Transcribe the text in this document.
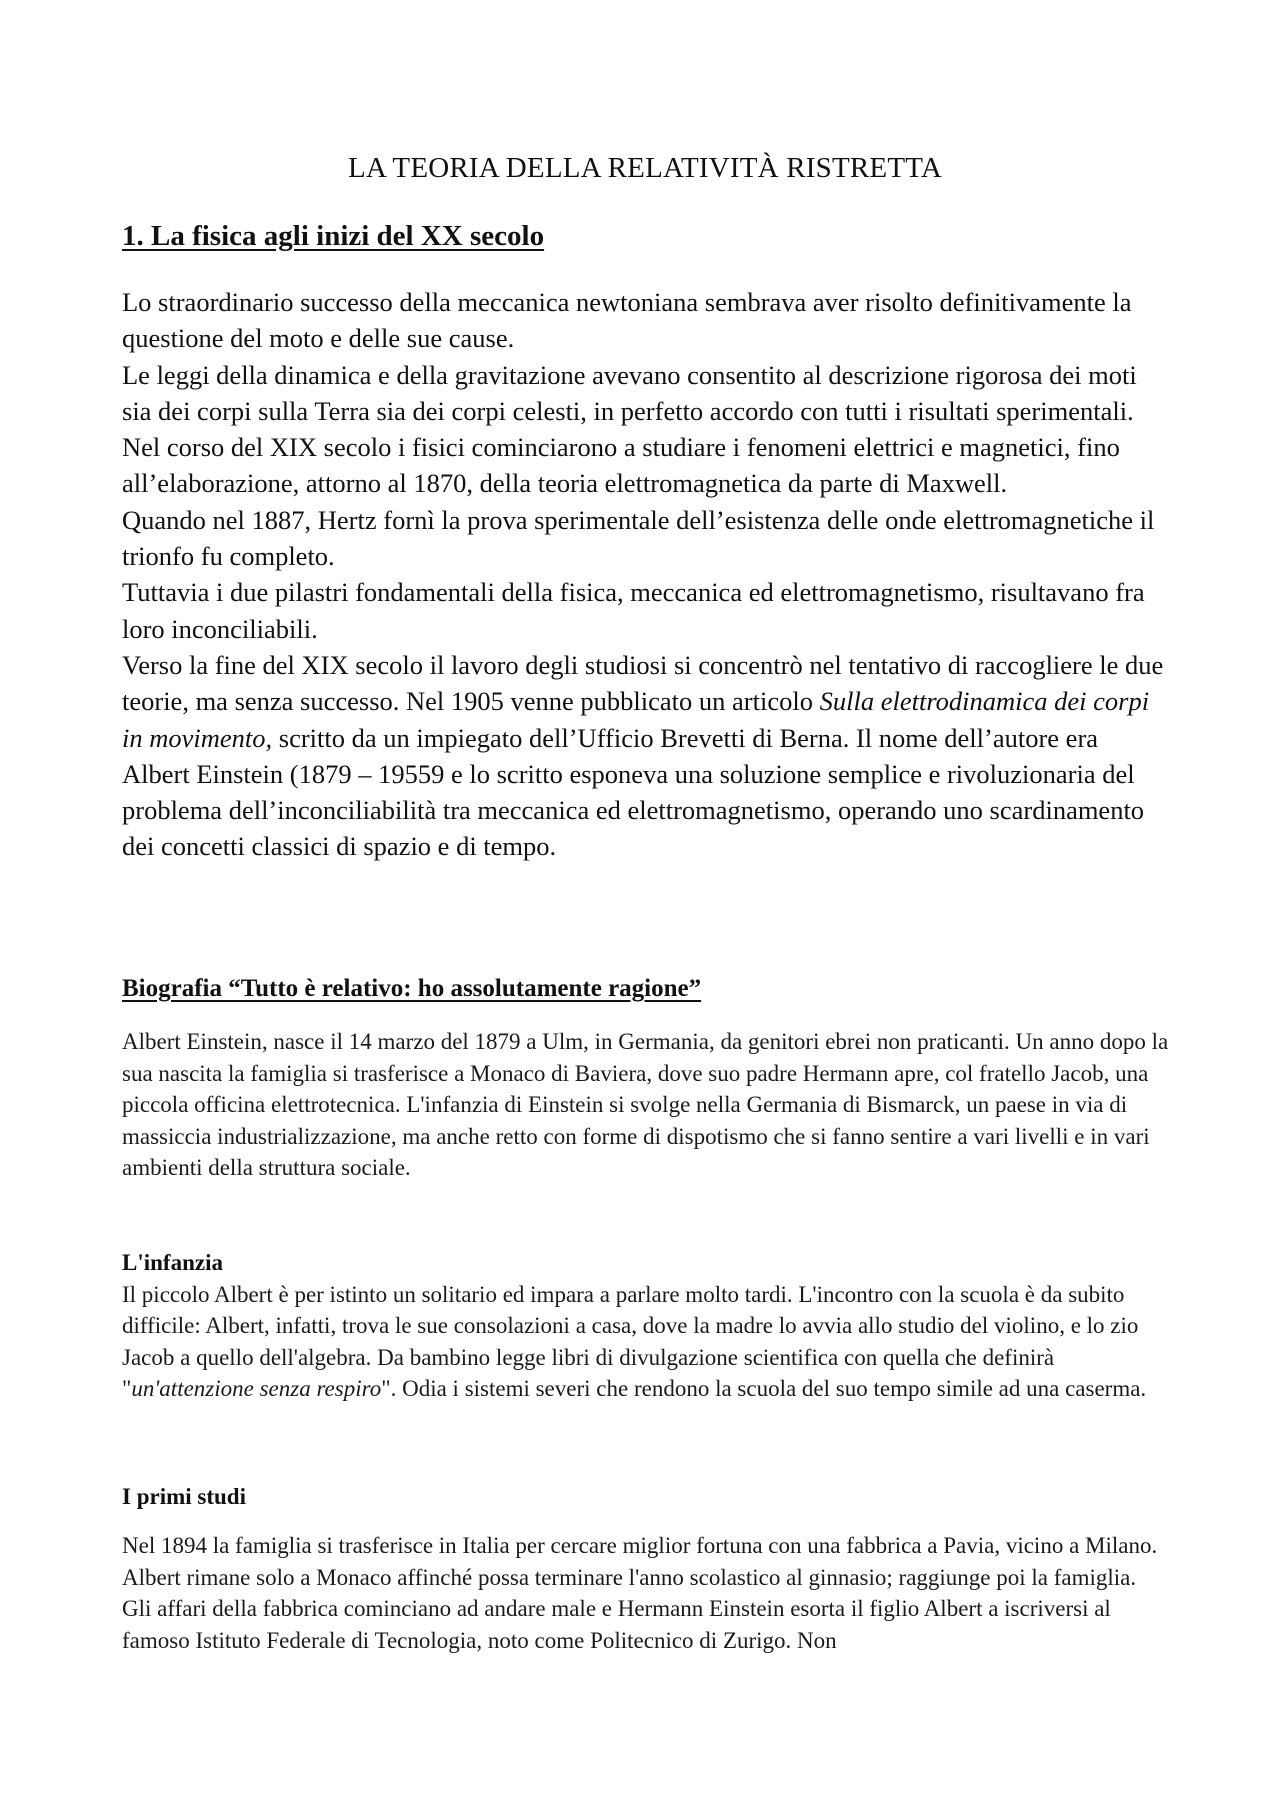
LA TEORIA DELLA RELATIVITÀ RISTRETTA
1. La fisica agli inizi del XX secolo

Lo straordinario successo della meccanica newtoniana sembrava aver risolto definitivamente la questione del moto e delle sue cause.

Le leggi della dinamica e della gravitazione avevano consentito al descrizione rigorosa dei moti sia dei corpi sulla Terra sia dei corpi celesti, in perfetto accordo con tutti i risultati sperimentali. Nel corso del XIX secolo i fisici cominciarono a studiare i fenomeni elettrici e magnetici, fino all’elaborazione, attorno al 1870, della teoria elettromagnetica da parte di Maxwell.

Quando nel 1887, Hertz fornì la prova sperimentale dell’esistenza delle onde elettromagnetiche il trionfo fu completo.

Tuttavia i due pilastri fondamentali della fisica, meccanica ed elettromagnetismo, risultavano fra loro inconciliabili.

Verso la fine del XIX secolo il lavoro degli studiosi si concentrò nel tentativo di raccogliere le due teorie, ma senza successo. Nel 1905 venne pubblicato un articolo Sulla elettrodinamica dei corpi in movimento, scritto da un impiegato dell’Ufficio Brevetti di Berna. Il nome dell’autore era Albert Einstein (1879 – 19559 e lo scritto esponeva una soluzione semplice e rivoluzionaria del problema dell’inconciliabilità tra meccanica ed elettromagnetismo, operando uno scardinamento dei concetti classici di spazio e di tempo.

Biografia “Tutto è relativo: ho assolutamente ragione”

Albert Einstein, nasce il 14 marzo del 1879 a Ulm, in Germania, da genitori ebrei non praticanti. Un anno dopo la sua nascita la famiglia si trasferisce a Monaco di Baviera, dove suo padre Hermann apre, col fratello Jacob, una piccola officina elettrotecnica. L'infanzia di Einstein si svolge nella Germania di Bismarck, un paese in via di massiccia industrializzazione, ma anche retto con forme di dispotismo che si fanno sentire a vari livelli e in vari ambienti della struttura sociale.

L'infanzia

Il piccolo Albert è per istinto un solitario ed impara a parlare molto tardi. L'incontro con la scuola è da subito difficile: Albert, infatti, trova le sue consolazioni a casa, dove la madre lo avvia allo studio del violino, e lo zio Jacob a quello dell'algebra. Da bambino legge libri di divulgazione scientifica con quella che definirà "un'attenzione senza respiro". Odia i sistemi severi che rendono la scuola del suo tempo simile ad una caserma.

I primi studi

Nel 1894 la famiglia si trasferisce in Italia per cercare miglior fortuna con una fabbrica a Pavia, vicino a Milano. Albert rimane solo a Monaco affinché possa terminare l'anno scolastico al ginnasio; raggiunge poi la famiglia.

Gli affari della fabbrica cominciano ad andare male e Hermann Einstein esorta il figlio Albert a iscriversi al famoso Istituto Federale di Tecnologia, noto come Politecnico di Zurigo. Non
